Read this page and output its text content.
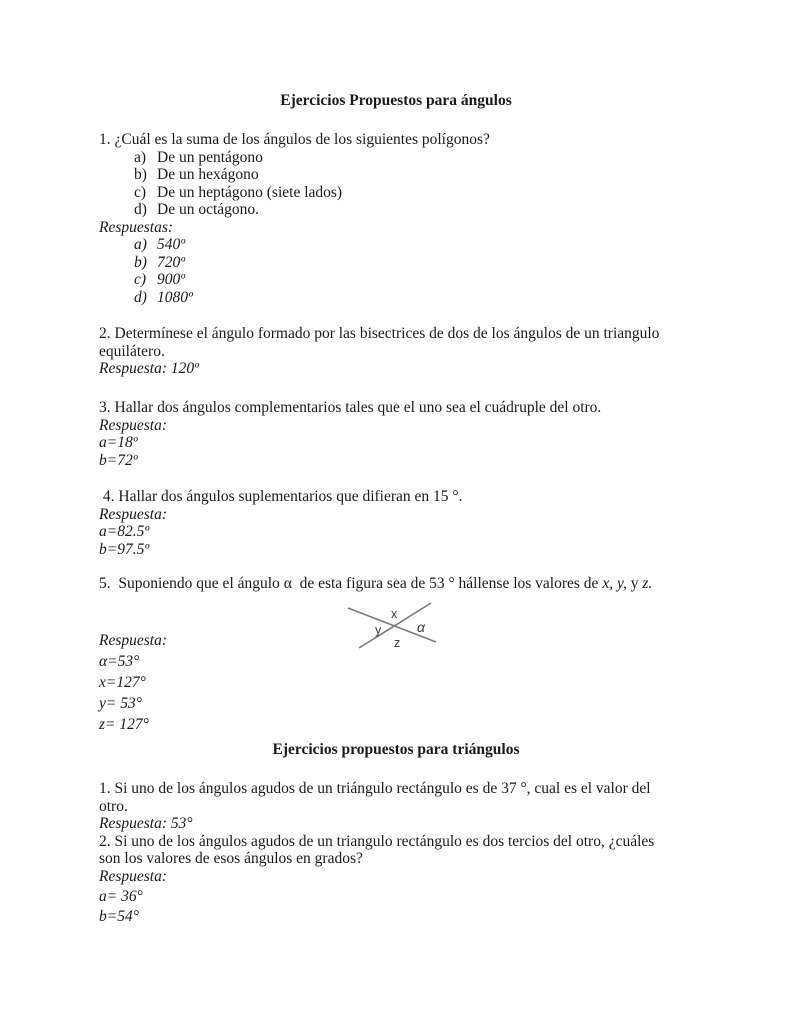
Ejercicios Propuestos para ángulos
1. ¿Cuál es la suma de los ángulos de los siguientes polígonos?
a) De un pentágono
b) De un hexágono
c) De un heptágono (siete lados)
d) De un octágono.
Respuestas:
a) 540º
b) 720º
c) 900º
d) 1080º
2. Determínese el ángulo formado por las bisectrices de dos de los ángulos de un triangulo
equilátero.
Respuesta: 120º
3. Hallar dos ángulos complementarios tales que el uno sea el cuádruple del otro.
Respuesta:
a=18º
b=72º
4. Hallar dos ángulos suplementarios que difieran en 15 °.
Respuesta:
a=82.5º
b=97.5º
5.  Suponiendo que el ángulo α  de esta figura sea de 53 ° hállense los valores de x, y, y z.
x
y	α
z
Respuesta:
α=53°
x=127°
y= 53°
z= 127°
Ejercicios propuestos para triángulos
1. Si uno de los ángulos agudos de un triángulo rectángulo es de 37 °, cual es el valor del
otro.
Respuesta: 53°
2. Si uno de los ángulos agudos de un triangulo rectángulo es dos tercios del otro, ¿cuáles
son los valores de esos ángulos en grados?
Respuesta:
a= 36°
b=54°
